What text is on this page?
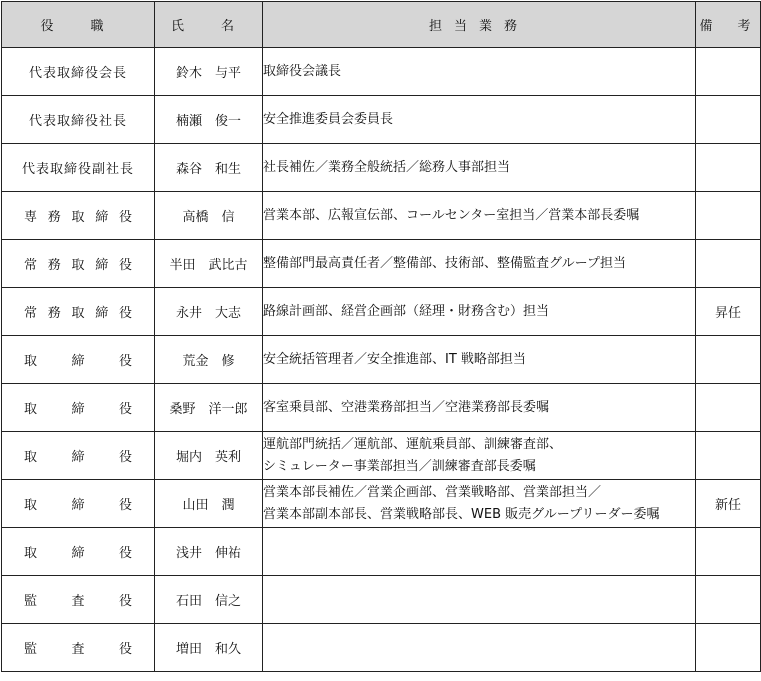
役　職	氏　名	担当業務	備　考
代表取締役会長	鈴木　与平	取締役会議長	

代表取締役社長	楠瀬　俊一	安全推進委員会委員長	

代表取締役副社長	森谷　和生	社長補佐／業務全般統括／総務人事部担当	

専務取締役	高橋　信	営業本部、広報宣伝部、コールセンター室担当／営業本部長委嘱	

常務取締役	半田　武比古	整備部門最高責任者／整備部、技術部、整備監査グループ担当	

常務取締役	永井　大志	路線計画部、経営企画部（経理・財務含む）担当	昇任
取締役	荒金　修	安全統括管理者／安全推進部、IT 戦略部担当	

取締役	桑野　洋一郎	客室乗員部、空港業務部担当／空港業務部長委嘱	

取締役	堀内　英利	運航部門統括／運航部、運航乗員部、訓練審査部、
シミュレーター事業部担当／訓練審査部長委嘱	

取締役	山田　潤	営業本部長補佐／営業企画部、営業戦略部、営業部担当／
営業本部副本部長、営業戦略部長、WEB 販売グループリーダー委嘱	新任
取締役	浅井　伸祐	

監査役	石田　信之	

監査役	増田　和久	
